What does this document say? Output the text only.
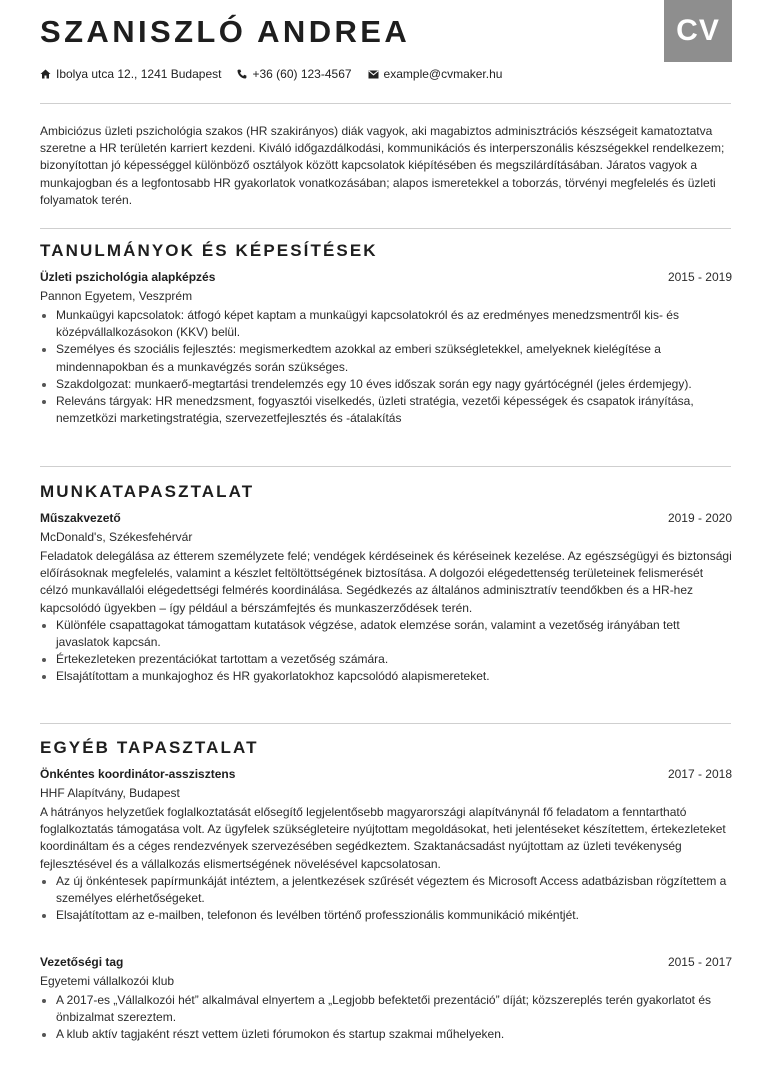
CV
SZANISZLÓ ANDREA
Ibolya utca 12., 1241 Budapest	+36 (60) 123-4567	example@cvmaker.hu

Ambiciózus üzleti pszichológia szakos (HR szakirányos) diák vagyok, aki magabiztos adminisztrációs készségeit kamatoztatva szeretne a HR területén karriert kezdeni. Kiváló időgazdálkodási, kommunikációs és interperszonális készségekkel rendelkezem; bizonyítottan jó képességgel különböző osztályok között kapcsolatok kiépítésében és megszilárdításában. Járatos vagyok a munkajogban és a legfontosabb HR gyakorlatok vonatkozásában; alapos ismeretekkel a toborzás, törvényi megfelelés és üzleti folyamatok terén.

TANULMÁNYOK ÉS KÉPESÍTÉSEK
Üzleti pszichológia alapképzés	2015 - 2019
Pannon Egyetem, Veszprém
Munkaügyi kapcsolatok: átfogó képet kaptam a munkaügyi kapcsolatokról és az eredményes menedzsmentről kis- és középvállalkozásokon (KKV) belül.
Személyes és szociális fejlesztés: megismerkedtem azokkal az emberi szükségletekkel, amelyeknek kielégítése a mindennapokban és a munkavégzés során szükséges.
Szakdolgozat: munkaerő-megtartási trendelemzés egy 10 éves időszak során egy nagy gyártócégnél (jeles érdemjegy).
Releváns tárgyak: HR menedzsment, fogyasztói viselkedés, üzleti stratégia, vezetői képességek és csapatok irányítása, nemzetközi marketingstratégia, szervezetfejlesztés és -átalakítás
MUNKATAPASZTALAT
Műszakvezető	2019 - 2020
McDonald's, Székesfehérvár

Feladatok delegálása az étterem személyzete felé; vendégek kérdéseinek és kéréseinek kezelése. Az egészségügyi és biztonsági előírásoknak megfelelés, valamint a készlet feltöltöttségének biztosítása. A dolgozói elégedettenség területeinek felismerését célzó munkavállalói elégedettségi felmérés koordinálása. Segédkezés az általános adminisztratív teendőkben és a HR-hez kapcsolódó ügyekben – így például a bérszámfejtés és munkaszerződések terén.

Különféle csapattagokat támogattam kutatások végzése, adatok elemzése során, valamint a vezetőség irányában tett javaslatok kapcsán.
Értekezleteken prezentációkat tartottam a vezetőség számára.
Elsajátítottam a munkajoghoz és HR gyakorlatokhoz kapcsolódó alapismereteket.
EGYÉB TAPASZTALAT
Önkéntes koordinátor-asszisztens	2017 - 2018
HHF Alapítvány, Budapest

A hátrányos helyzetűek foglalkoztatását elősegítő legjelentősebb magyarországi alapítványnál fő feladatom a fenntartható foglalkoztatás támogatása volt. Az ügyfelek szükségleteire nyújtottam megoldásokat, heti jelentéseket készítettem, értekezleteket koordináltam és a céges rendezvények szervezésében segédkeztem. Szaktanácsadást nyújtottam az üzleti tevékenység fejlesztésével és a vállalkozás elismertségének növelésével kapcsolatosan.

Az új önkéntesek papírmunkáját intéztem, a jelentkezések szűrését végeztem és Microsoft Access adatbázisban rögzítettem a személyes elérhetőségeket.
Elsajátítottam az e-mailben, telefonon és levélben történő professzionális kommunikáció mikéntjét.
Vezetőségi tag	2015 - 2017
Egyetemi vállalkozói klub
A 2017-es „Vállalkozói hét” alkalmával elnyertem a „Legjobb befektetői prezentáció” díját; közszereplés terén gyakorlatot és önbizalmat szereztem.
A klub aktív tagjaként részt vettem üzleti fórumokon és startup szakmai műhelyeken.
